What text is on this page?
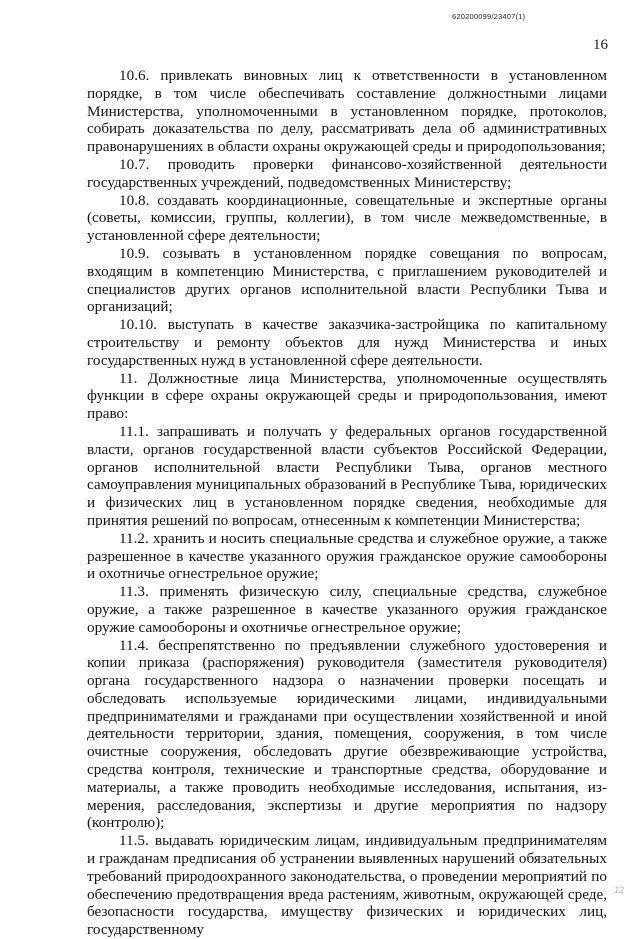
620200099/23407(1)
16

10.6. привлекать виновных лиц к ответственности в установленном порядке, в том числе обеспечивать составление должностными лицами Министерства, уполномоченными в установленном порядке, протоколов, собирать доказательства по делу, рассматривать дела об административных правонарушениях в области охраны окружающей среды и природопользования;

10.7. проводить проверки финансово-хозяйственной деятельности государственных учреждений, подведомственных Министерству;

10.8. создавать координационные, совещательные и экспертные органы (советы, комиссии, группы, коллегии), в том числе межведомственные, в установленной сфере деятельности;

10.9. созывать в установленном порядке совещания по вопросам, входящим в компетенцию Министерства, с приглашением руководителей и специалистов других органов исполнительной власти Республики Тыва и организаций;

10.10. выступать в качестве заказчика-застройщика по капитальному строительству и ремонту объектов для нужд Министерства и иных государственных нужд в установленной сфере деятельности.

11. Должностные лица Министерства, уполномоченные осуществлять функции в сфере охраны окружающей среды и природопользования, имеют право:

11.1. запрашивать и получать у федеральных органов государственной власти, органов государственной власти субъектов Российской Федерации, органов исполнительной власти Республики Тыва, органов местного самоуправления муниципальных образований в Республике Тыва, юридических и физических лиц в установленном порядке сведения, необходимые для принятия решений по вопросам, отнесенным к компетенции Министерства;

11.2. хранить и носить специальные средства и служебное оружие, а также разрешенное в качестве указанного оружия гражданское оружие самообороны и охотничье огнестрельное оружие;

11.3. применять физическую силу, специальные средства, служебное оружие, а также разрешенное в качестве указанного оружия гражданское оружие самообороны и охотничье огнестрельное оружие;

11.4. беспрепятственно по предъявлении служебного удостоверения и копии приказа (распоряжения) руководителя (заместителя руководителя) органа государственного надзора о назначении проверки посещать и обследовать используемые юридическими лицами, индивидуальными предпринимателями и гражданами при осуществлении хозяйственной и иной деятельности территории, здания, помещения, сооружения, в том числе очистные сооружения, обследовать другие обезвреживающие устройства, средства контроля, технические и транспортные средства, оборудование и материалы, а также проводить необходимые исследования, испытания, измерения, расследования, экспертизы и другие мероприятия по надзору (контролю);

11.5. выдавать юридическим лицам, индивидуальным предпринимателям и гражданам предписания об устранении выявленных нарушений обязательных требований природоохранного законодательства, о проведении мероприятий по обеспечению предотвращения вреда растениям, животным, окружающей среде, безопасности государства, имуществу физических и юридических лиц, государственному

12
